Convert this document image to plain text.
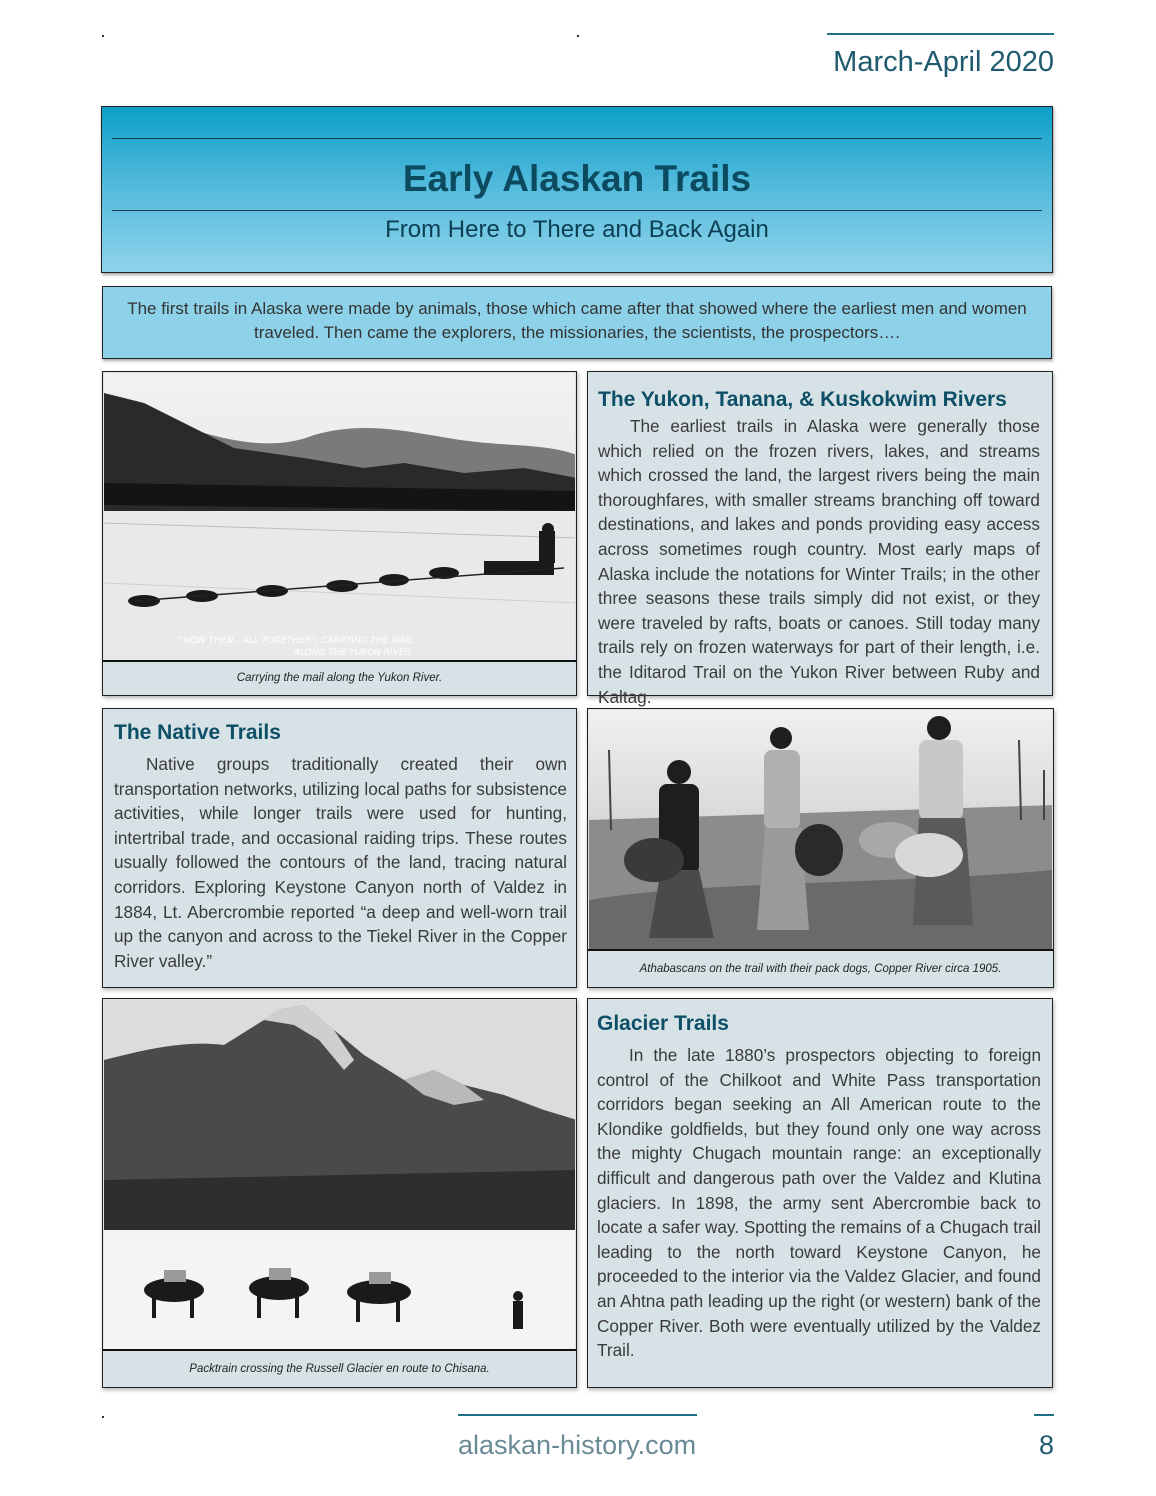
March-April 2020
Early Alaskan Trails
From Here to There and Back Again
The first trails in Alaska were made by animals, those which came after that showed where the earliest men and women traveled. Then came the explorers, the missionaries, the scientists, the prospectors….
"NOW THEN - ALL TOGETHER"; CARRYING THE MAIL
ALONG THE YUKON RIVER
Carrying the mail along the Yukon River.
The Yukon, Tanana, & Kuskokwim Rivers

The earliest trails in Alaska were generally those which relied on the frozen rivers, lakes, and streams which crossed the land, the largest rivers being the main thoroughfares, with smaller streams branching off toward destinations, and lakes and ponds providing easy access across sometimes rough country. Most early maps of Alaska include the notations for Winter Trails; in the other three seasons these trails simply did not exist, or they were traveled by rafts, boats or canoes. Still today many trails rely on frozen waterways for part of their length, i.e. the Iditarod Trail on the Yukon River between Ruby and Kaltag.

The Native Trails

Native groups traditionally created their own transportation networks, utilizing local paths for subsistence activities, while longer trails were used for hunting, intertribal trade, and occasional raiding trips. These routes usually followed the contours of the land, tracing natural corridors. Exploring Keystone Canyon north of Valdez in 1884, Lt. Abercrombie reported “a deep and well-worn trail up the canyon and across to the Tiekel River in the Copper River valley.”	Athabascans on the trail with their pack dogs, Copper River circa 1905.
Packtrain crossing the Russell Glacier en route to Chisana.
Glacier Trails

In the late 1880’s prospectors objecting to foreign control of the Chilkoot and White Pass transportation corridors began seeking an All American route to the Klondike goldfields, but they found only one way across the mighty Chugach mountain range: an exceptionally difficult and dangerous path over the Valdez and Klutina glaciers. In 1898, the army sent Abercrombie back to locate a safer way. Spotting the remains of a Chugach trail leading to the north toward Keystone Canyon, he proceeded to the interior via the Valdez Glacier, and found an Ahtna path leading up the right (or western) bank of the Copper River. Both were eventually utilized by the Valdez Trail.

alaskan-history.com	8
